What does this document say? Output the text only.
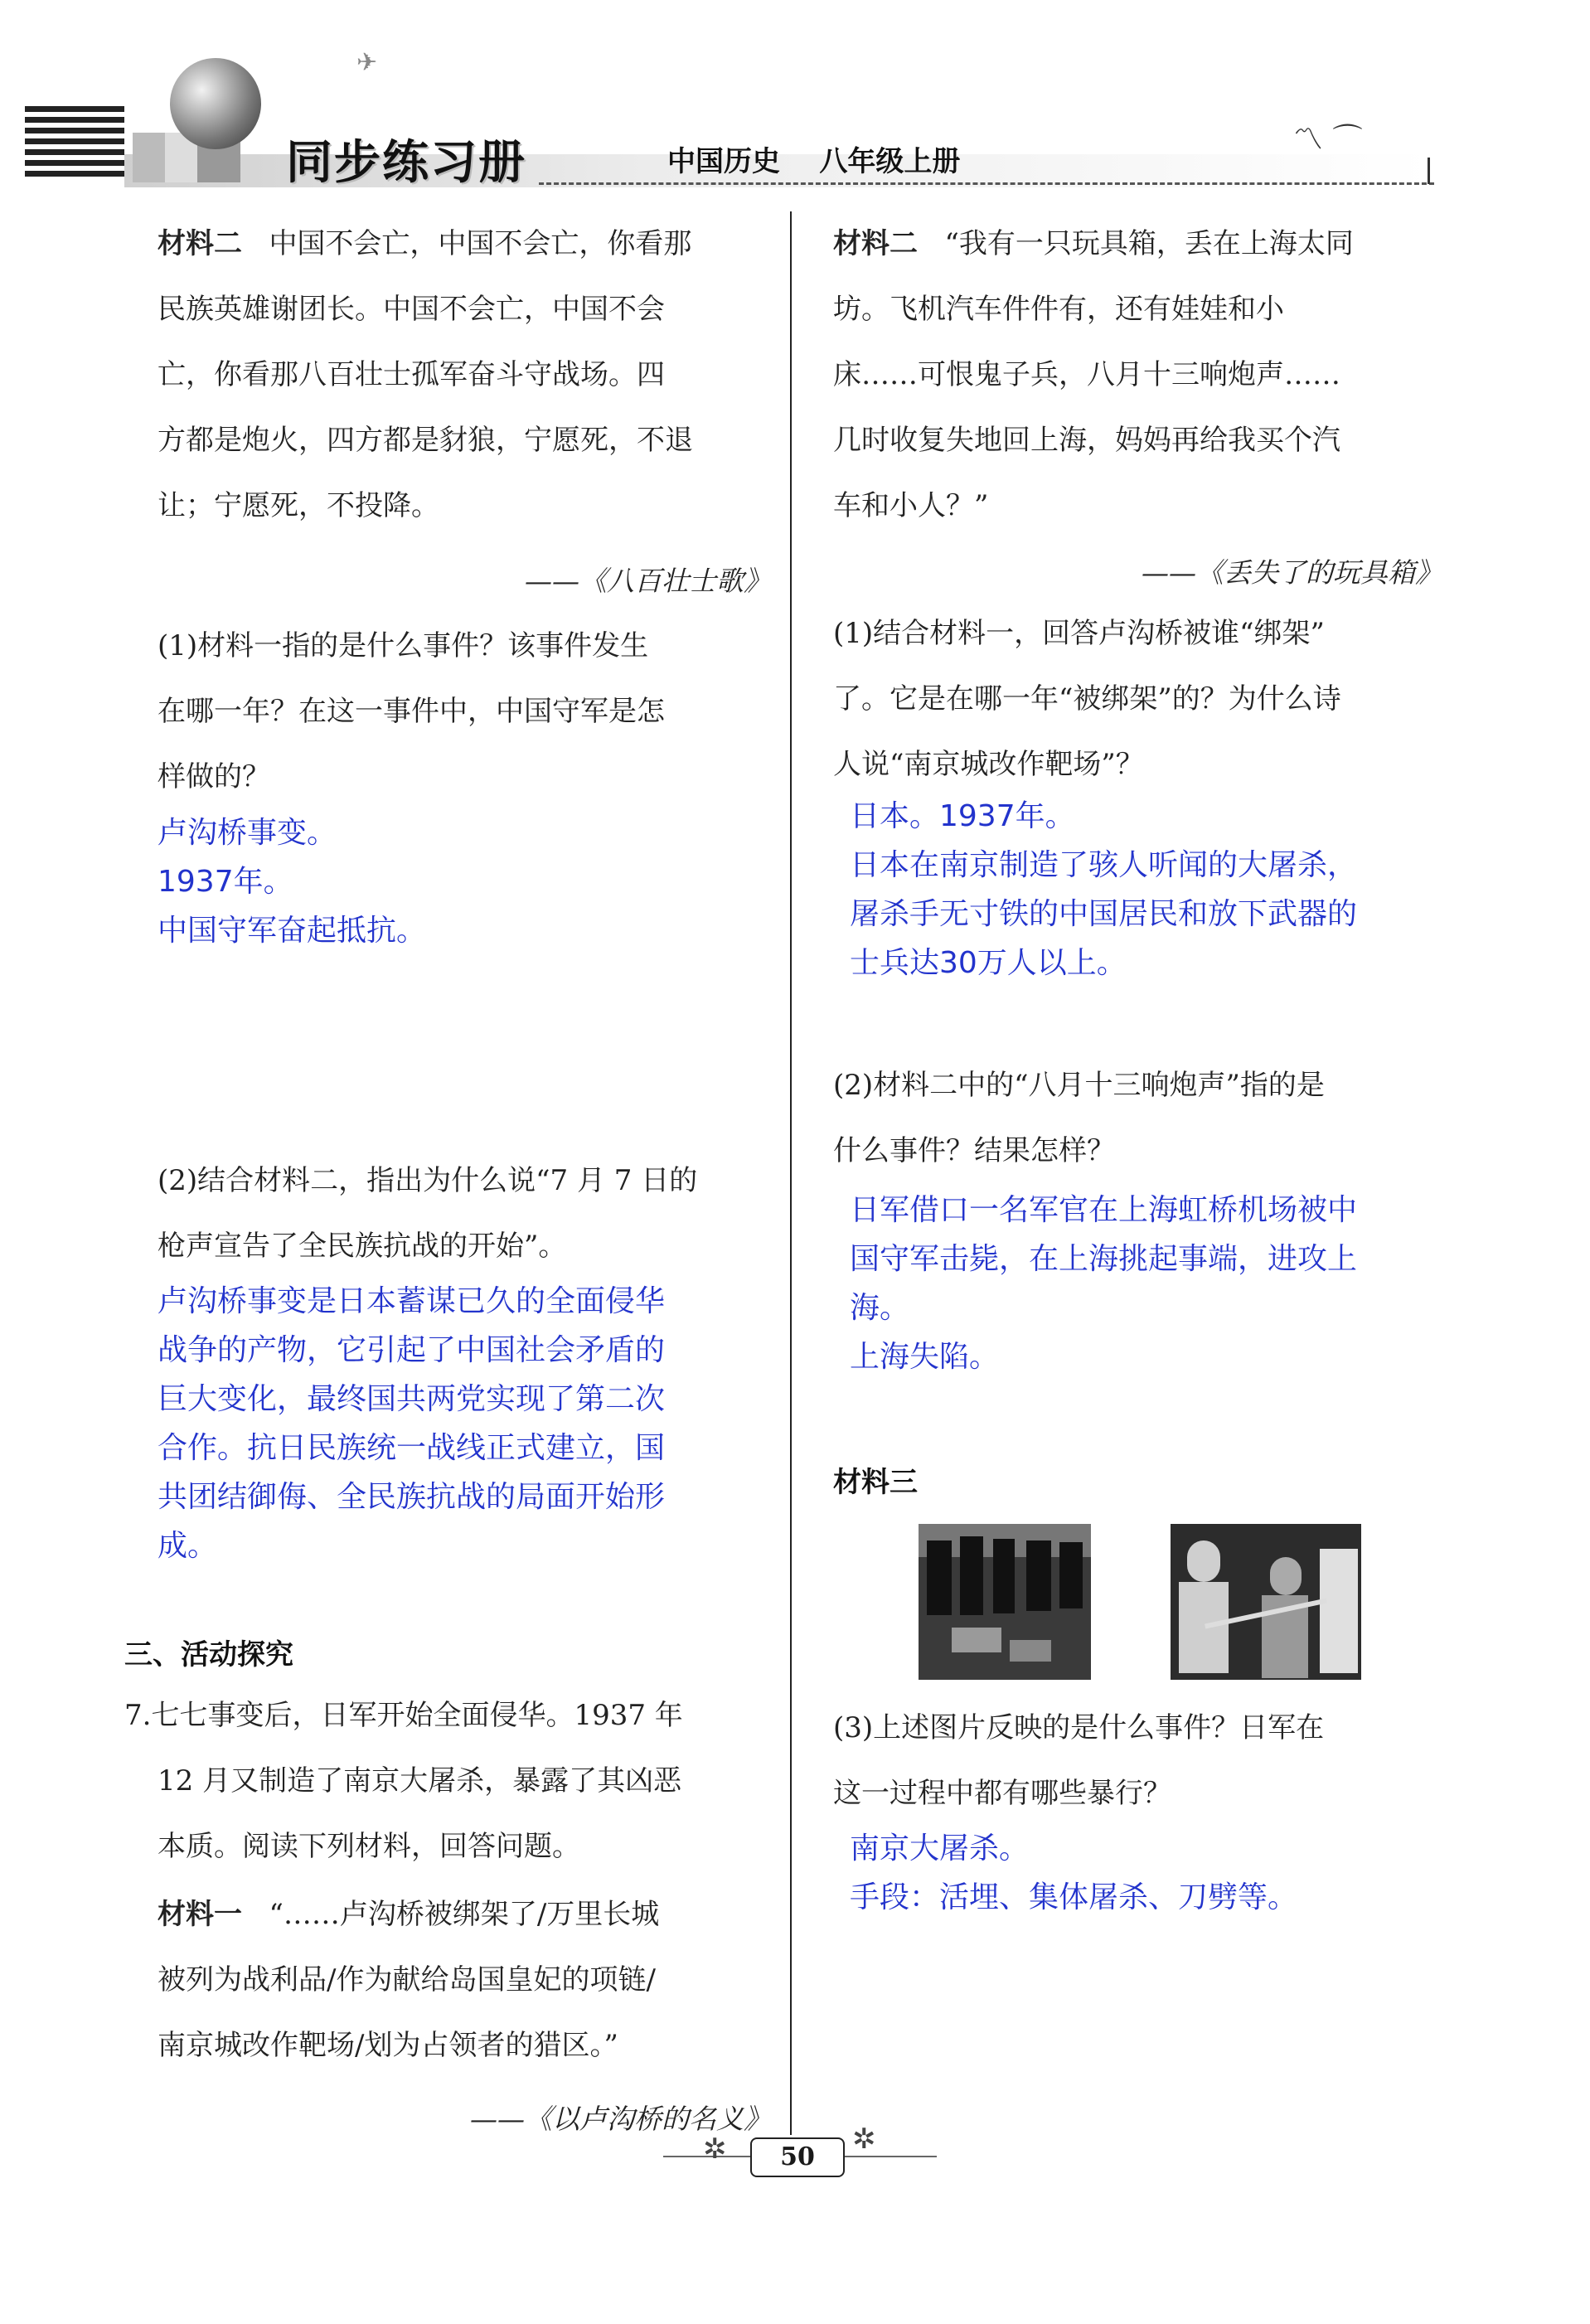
✈
同步练习册	中国历史    八年级上册
〽 ⌒

材料二 中国不会亡，中国不会亡，你看那

民族英雄谢团长。中国不会亡，中国不会

亡，你看那八百壮士孤军奋斗守战场。四

方都是炮火，四方都是豺狼，宁愿死，不退

让；宁愿死，不投降。

——《八百壮士歌》

(1)材料一指的是什么事件？该事件发生

在哪一年？在这一事件中，中国守军是怎

样做的？

卢沟桥事变。

1937年。

中国守军奋起抵抗。

(2)结合材料二，指出为什么说“7 月 7 日的

枪声宣告了全民族抗战的开始”。

卢沟桥事变是日本蓄谋已久的全面侵华

战争的产物，它引起了中国社会矛盾的

巨大变化，最终国共两党实现了第二次

合作。抗日民族统一战线正式建立，国

共团结御侮、全民族抗战的局面开始形

成。

三、活动探究

7.七七事变后，日军开始全面侵华。1937 年

12 月又制造了南京大屠杀，暴露了其凶恶

本质。阅读下列材料，回答问题。

材料一 “……卢沟桥被绑架了/万里长城

被列为战利品/作为献给岛国皇妃的项链/

南京城改作靶场/划为占领者的猎区。”

——《以卢沟桥的名义》

材料二 “我有一只玩具箱，丢在上海太同

坊。飞机汽车件件有，还有娃娃和小

床……可恨鬼子兵，八月十三响炮声……

几时收复失地回上海，妈妈再给我买个汽

车和小人？”

——《丢失了的玩具箱》

(1)结合材料一，回答卢沟桥被谁“绑架”

了。它是在哪一年“被绑架”的？为什么诗

人说“南京城改作靶场”？

日本。1937年。

日本在南京制造了骇人听闻的大屠杀，

屠杀手无寸铁的中国居民和放下武器的

士兵达30万人以上。

(2)材料二中的“八月十三响炮声”指的是

什么事件？结果怎样？

日军借口一名军官在上海虹桥机场被中

国守军击毙，在上海挑起事端，进攻上

海。

上海失陷。

材料三

(3)上述图片反映的是什么事件？日军在

这一过程中都有哪些暴行？

南京大屠杀。

手段：活埋、集体屠杀、刀劈等。

✲	✲
50
